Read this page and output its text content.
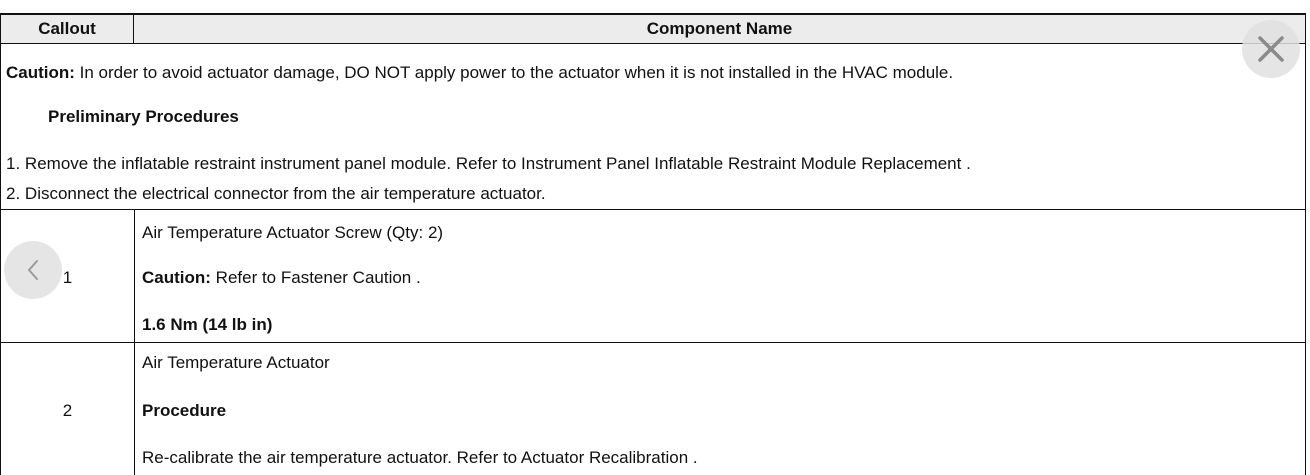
Callout	Component Name
Caution: In order to avoid actuator damage, DO NOT apply power to the actuator when it is not installed in the HVAC module.
Preliminary Procedures
1. Remove the inflatable restraint instrument panel module. Refer to Instrument Panel Inflatable Restraint Module Replacement .
2. Disconnect the electrical connector from the air temperature actuator.
1
Air Temperature Actuator Screw (Qty: 2)
Caution: Refer to Fastener Caution .
1.6 Nm (14 lb in)
2
Air Temperature Actuator
Procedure
Re-calibrate the air temperature actuator. Refer to Actuator Recalibration .
